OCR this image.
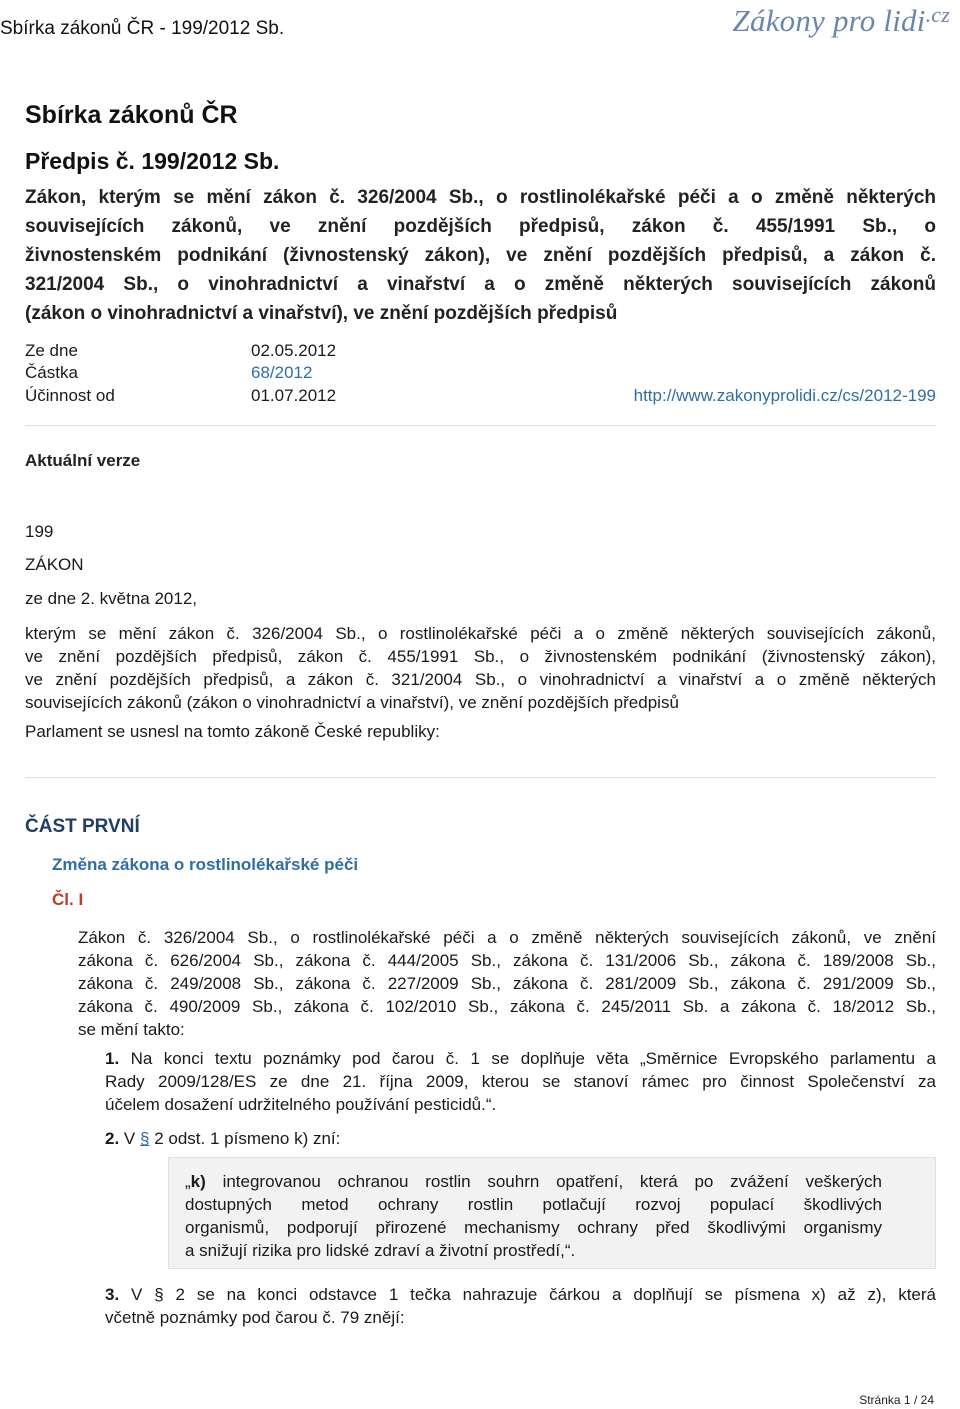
Sbírka zákonů ČR - 199/2012 Sb.	Zákony pro lidi$^{.cz}$
Sbírka zákonů ČR
Předpis č. 199/2012 Sb.
Zákon, kterým se mění zákon č. 326/2004 Sb., o rostlinolékařské péči a o změně některých
souvisejících zákonů, ve znění pozdějších předpisů, zákon č. 455/1991 Sb., o
živnostenském podnikání (živnostenský zákon), ve znění pozdějších předpisů, a zákon č.
321/2004 Sb., o vinohradnictví a vinařství a o změně některých souvisejících zákonů
(zákon o vinohradnictví a vinařství), ve znění pozdějších předpisů
Ze dne	02.05.2012
Částka	68/2012
Účinnost od	01.07.2012	http://www.zakonyprolidi.cz/cs/2012-199
Aktuální verze
199
ZÁKON
ze dne 2. května 2012,
kterým se mění zákon č. 326/2004 Sb., o rostlinolékařské péči a o změně některých souvisejících zákonů,
ve znění pozdějších předpisů, zákon č. 455/1991 Sb., o živnostenském podnikání (živnostenský zákon),
ve znění pozdějších předpisů, a zákon č. 321/2004 Sb., o vinohradnictví a vinařství a o změně některých
souvisejících zákonů (zákon o vinohradnictví a vinařství), ve znění pozdějších předpisů
Parlament se usnesl na tomto zákoně České republiky:
ČÁST PRVNÍ
Změna zákona o rostlinolékařské péči
Čl. I
Zákon č. 326/2004 Sb., o rostlinolékařské péči a o změně některých souvisejících zákonů, ve znění
zákona č. 626/2004 Sb., zákona č. 444/2005 Sb., zákona č. 131/2006 Sb., zákona č. 189/2008 Sb.,
zákona č. 249/2008 Sb., zákona č. 227/2009 Sb., zákona č. 281/2009 Sb., zákona č. 291/2009 Sb.,
zákona č. 490/2009 Sb., zákona č. 102/2010 Sb., zákona č. 245/2011 Sb. a zákona č. 18/2012 Sb.,
se mění takto:
1. Na konci textu poznámky pod čarou č. 1 se doplňuje věta „Směrnice Evropského parlamentu a
Rady 2009/128/ES ze dne 21. října 2009, kterou se stanoví rámec pro činnost Společenství za
účelem dosažení udržitelného používání pesticidů.“.
2. V § 2 odst. 1 písmeno k) zní:
„k) integrovanou ochranou rostlin souhrn opatření, která po zvážení veškerých
dostupných metod ochrany rostlin potlačují rozvoj populací škodlivých
organismů, podporují přirozené mechanismy ochrany před škodlivými organismy
a snižují rizika pro lidské zdraví a životní prostředí,“.
3. V § 2 se na konci odstavce 1 tečka nahrazuje čárkou a doplňují se písmena x) až z), která
včetně poznámky pod čarou č. 79 znějí:
Stránka 1 / 24
